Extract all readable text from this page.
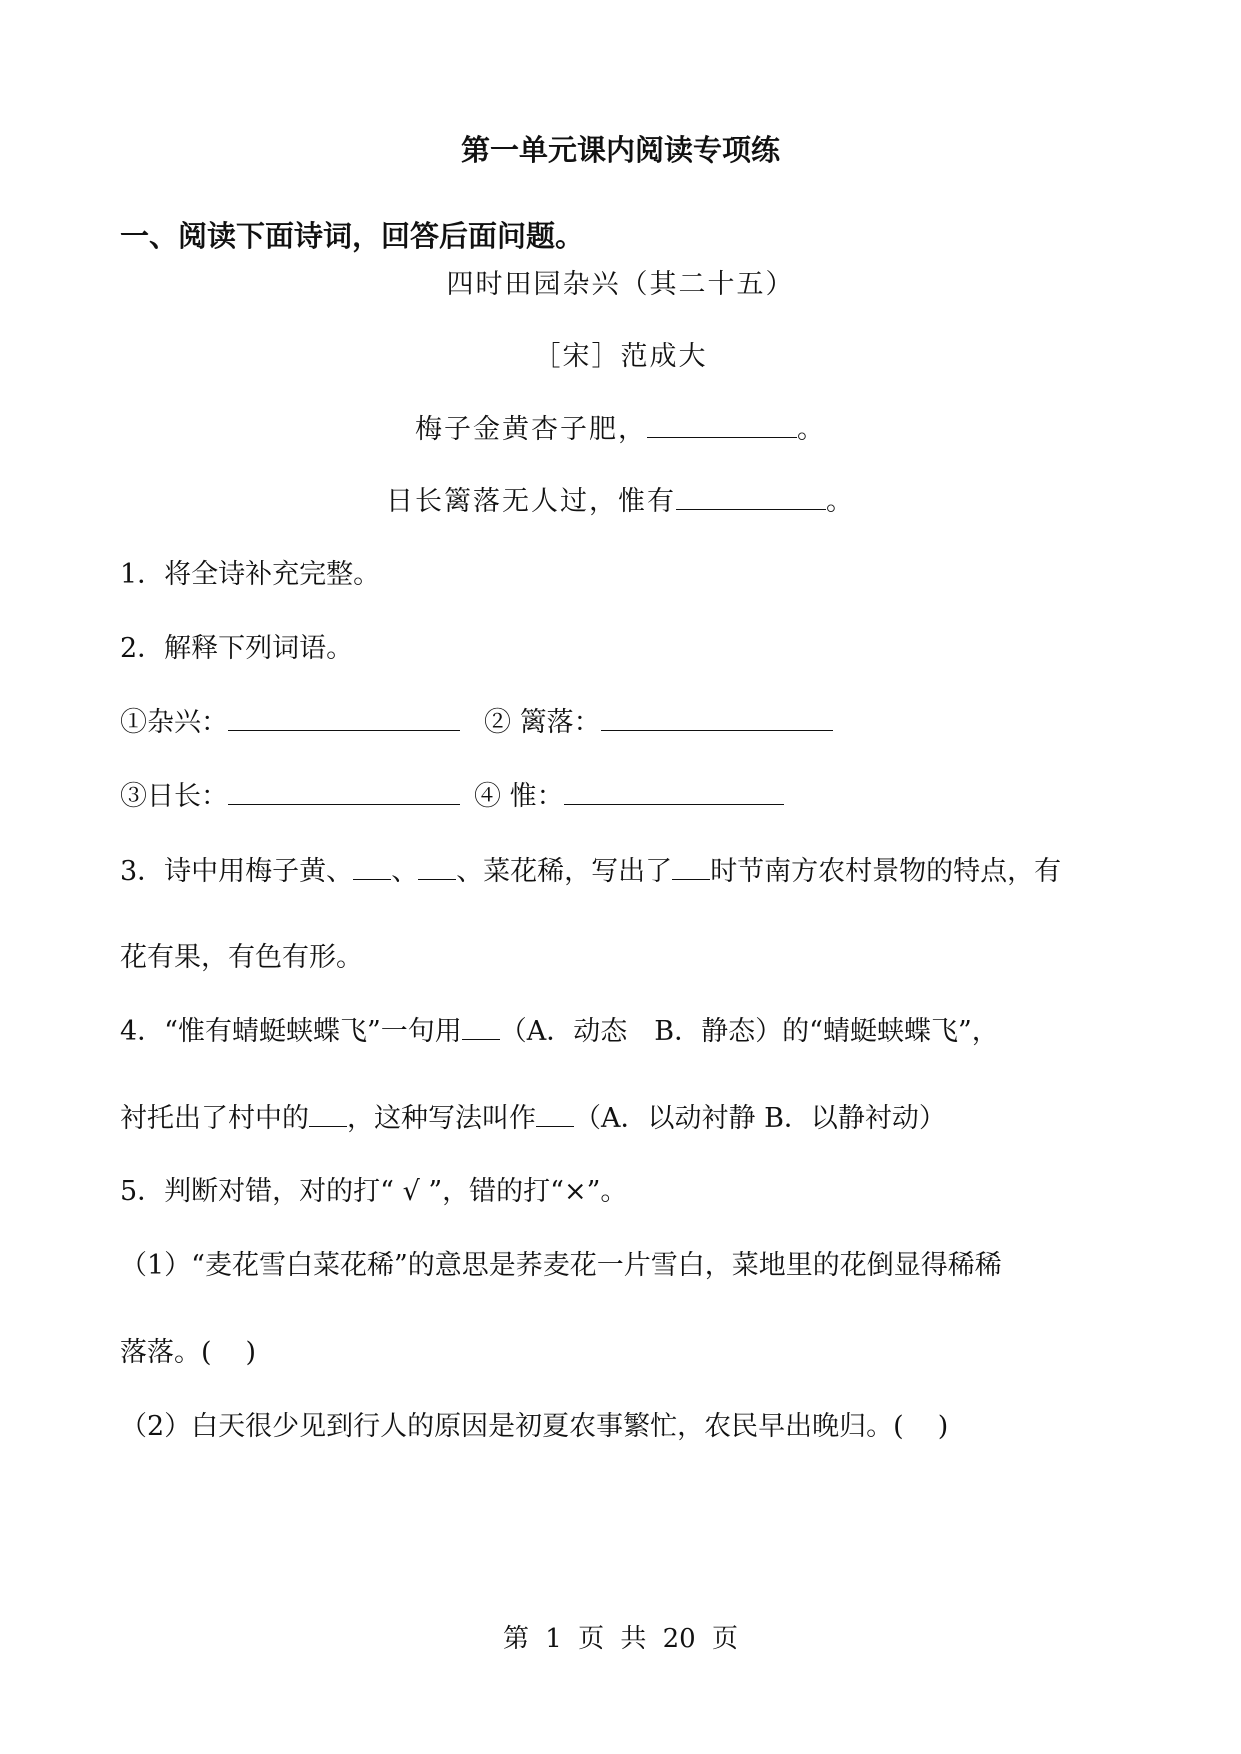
第一单元课内阅读专项练
一、阅读下面诗词，回答后面问题。
四时田园杂兴（其二十五）
［宋］范成大
梅子金黄杏子肥，	。
日长篱落无人过，惟有	。
1．将全诗补充完整。
2．解释下列词语。
①杂兴：	② 篱落：
③日长：	④ 惟：
3．诗中用梅子黄、 、 、菜花稀，写出了 时节南方农村景物的特点，有
花有果，有色有形。
4．“惟有蜻蜓蛱蝶飞”一句用 （A．动态　B．静态）的“蜻蜓蛱蝶飞”，
衬托出了村中的 ，这种写法叫作 （A．以动衬静 B．以静衬动）
5．判断对错，对的打“ √ ”，错的打“×”。
（1）“麦花雪白菜花稀”的意思是荞麦花一片雪白，菜地里的花倒显得稀稀
落落。( )
（2）白天很少见到行人的原因是初夏农事繁忙，农民早出晚归。( )
第 1 页 共 20 页
